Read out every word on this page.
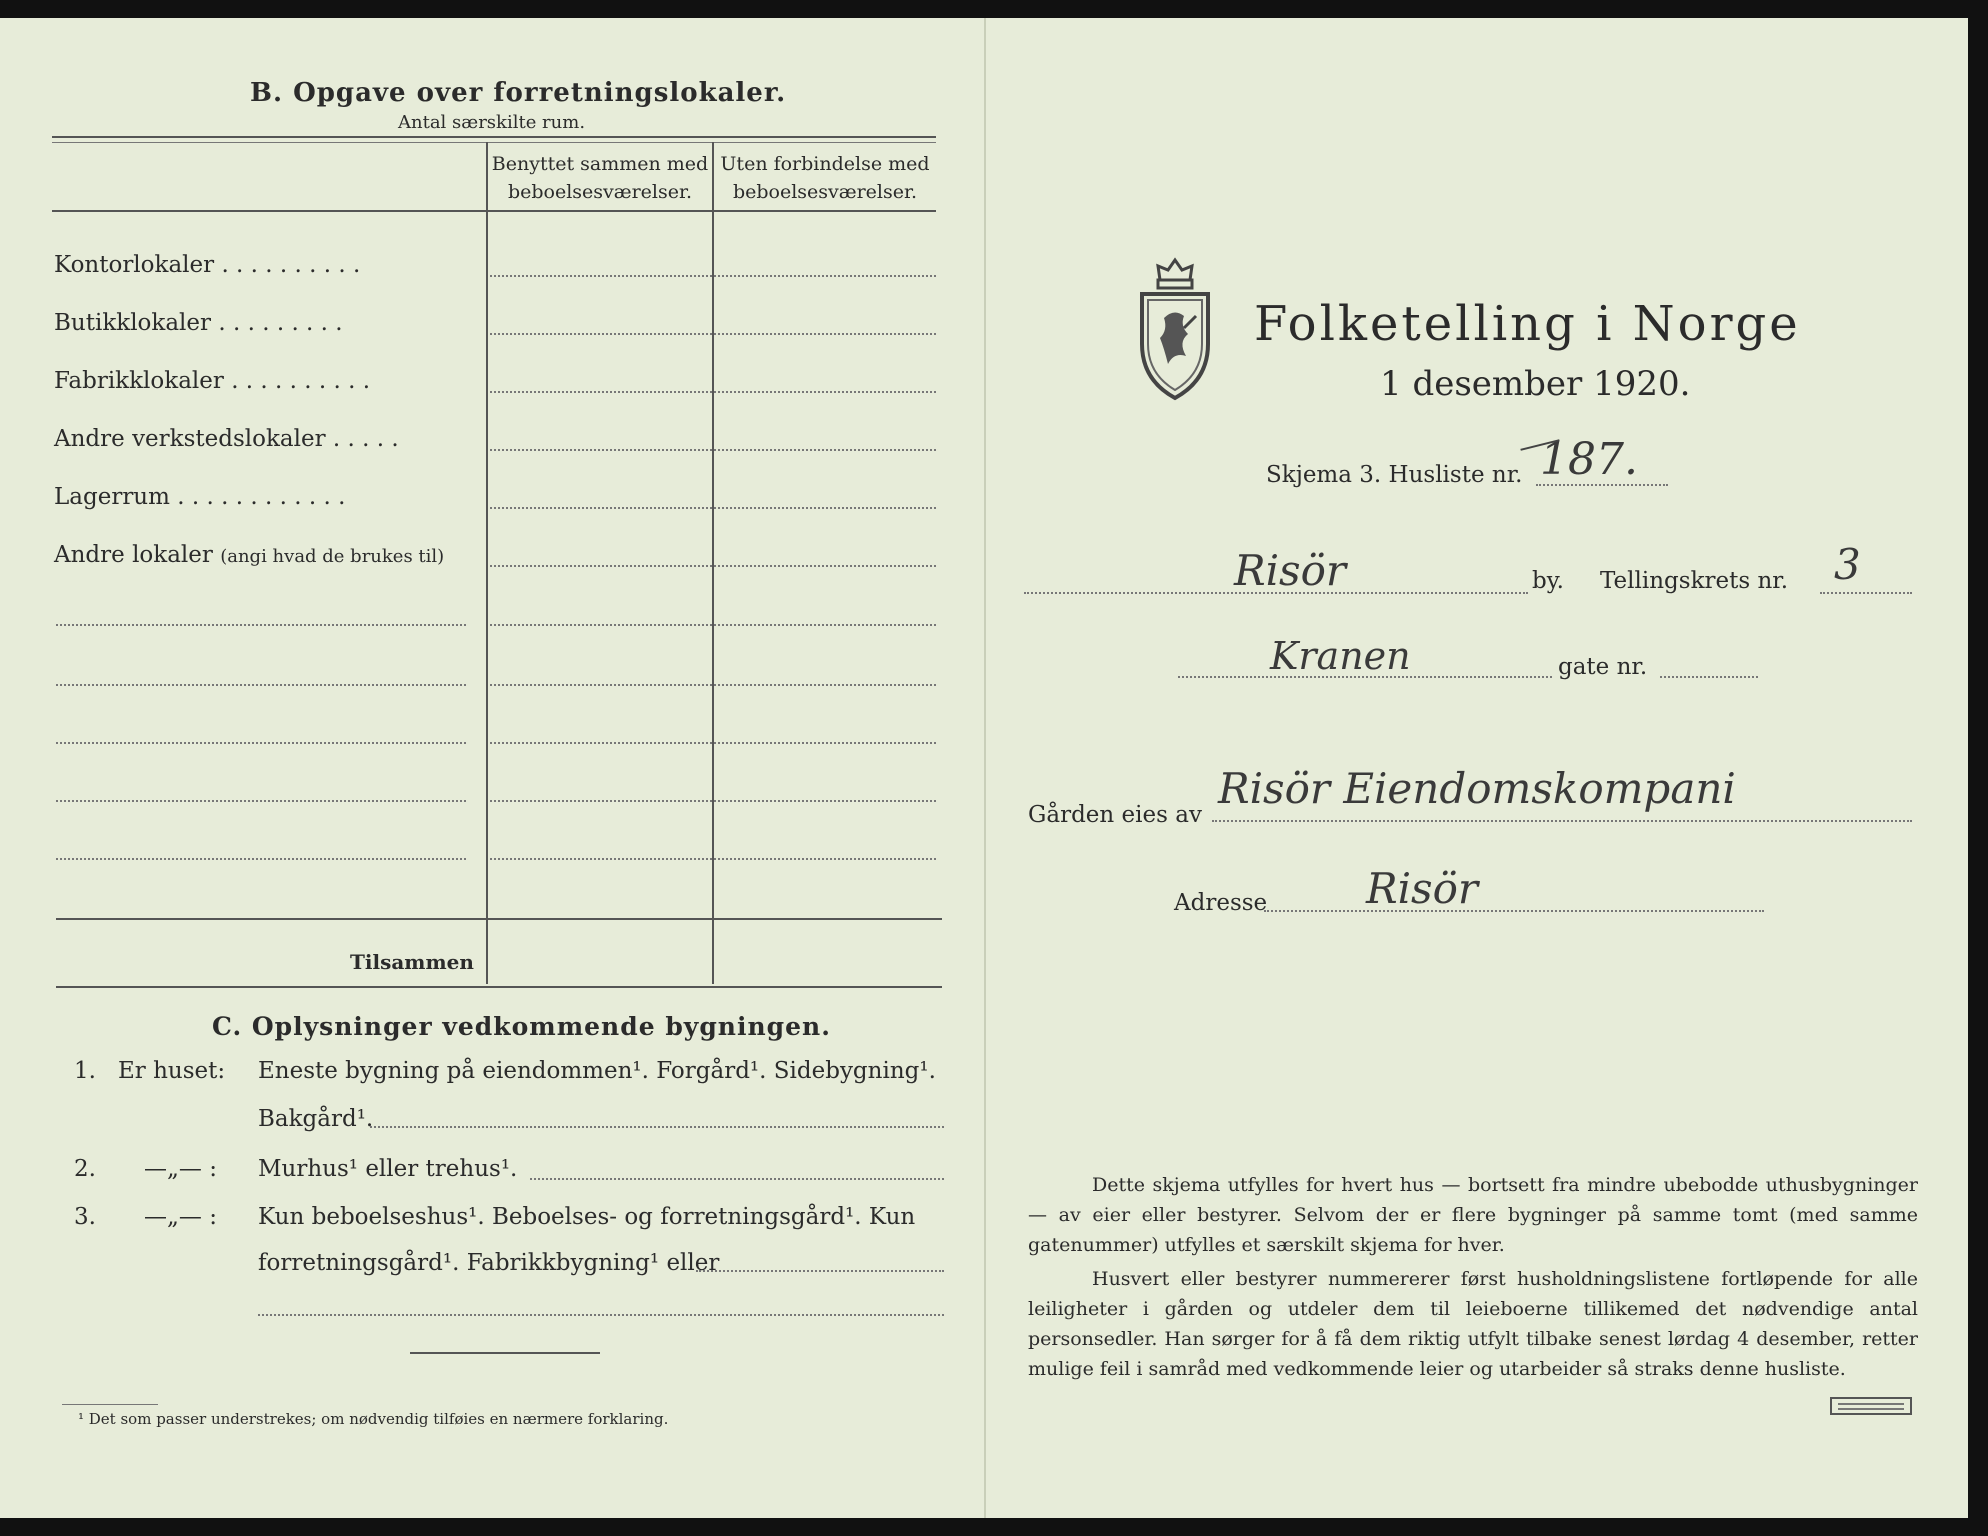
B. Opgave over forretningslokaler.
Antal særskilte rum.
Benyttet sammen med beboelsesværelser.
Uten forbindelse med beboelsesværelser.
Kontorlokaler . . . . . . . . . .
Butikklokaler . . . . . . . . .
Fabrikklokaler . . . . . . . . . .
Andre verkstedslokaler . . . . .
Lagerrum . . . . . . . . . . . .
Andre lokaler (angi hvad de brukes til)
Tilsammen
C. Oplysninger vedkommende bygningen.
1. Er huset: Eneste bygning på eiendommen¹. Forgård¹. Sidebygning¹.
Bakgård¹.
2. —„— : Murhus¹ eller trehus¹.
3. —„— : Kun beboelseshus¹. Beboelses- og forretningsgård¹. Kun
forretningsgård¹. Fabrikkbygning¹ eller
¹ Det som passer understrekes; om nødvendig tilføies en nærmere forklaring.
Folketelling i Norge
1 desember 1920.
Skjema 3. Husliste nr. 187.
Risör	by. Tellingskrets nr. 3
Kranen	gate nr.
Gården eies av
Risör Eiendomskompani
Adresse Risör
Dette skjema utfylles for hvert hus — bortsett fra mindre ubebodde uthusbygninger — av eier eller bestyrer. Selvom der er flere bygninger på samme tomt (med samme gatenummer) utfylles et særskilt skjema for hver.
Husvert eller bestyrer nummererer først husholdningslistene fortløpende for alle leiligheter i gården og utdeler dem til leieboerne tillikemed det nødvendige antal personsedler. Han sørger for å få dem riktig utfylt tilbake senest lørdag 4 desember, retter mulige feil i samråd med vedkommende leier og utarbeider så straks denne husliste.
